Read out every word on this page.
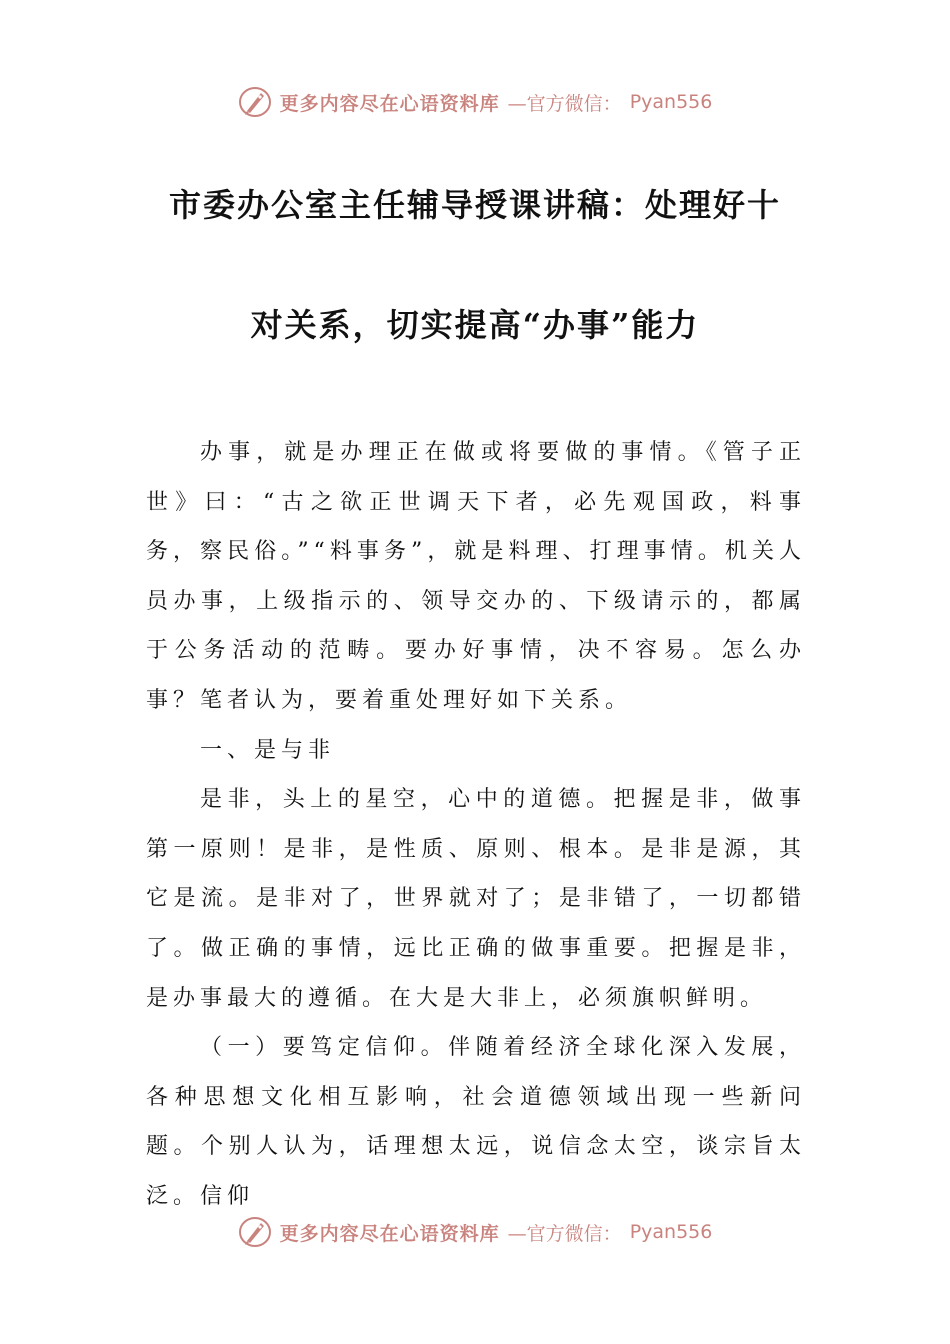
更多内容尽在心语资料库 —官方微信： Pyan556
市委办公室主任辅导授课讲稿：处理好十
对关系，切实提高“办事”能力

办事，就是办理正在做或将要做的事情。《管子正世》曰：“古之欲正世调天下者，必先观国政，料事务，察民俗。”“料事务”，就是料理、打理事情。机关人员办事，上级指示的、领导交办的、下级请示的，都属于公务活动的范畴。要办好事情，决不容易。怎么办事？笔者认为，要着重处理好如下关系。

一、是与非

是非，头上的星空，心中的道德。把握是非，做事第一原则！是非，是性质、原则、根本。是非是源，其它是流。是非对了，世界就对了；是非错了，一切都错了。做正确的事情，远比正确的做事重要。把握是非，是办事最大的遵循。在大是大非上，必须旗帜鲜明。

（一）要笃定信仰。伴随着经济全球化深入发展，各种思想文化相互影响，社会道德领域出现一些新问题。个别人认为，话理想太远，说信念太空，谈宗旨太泛。信仰

更多内容尽在心语资料库 —官方微信： Pyan556
